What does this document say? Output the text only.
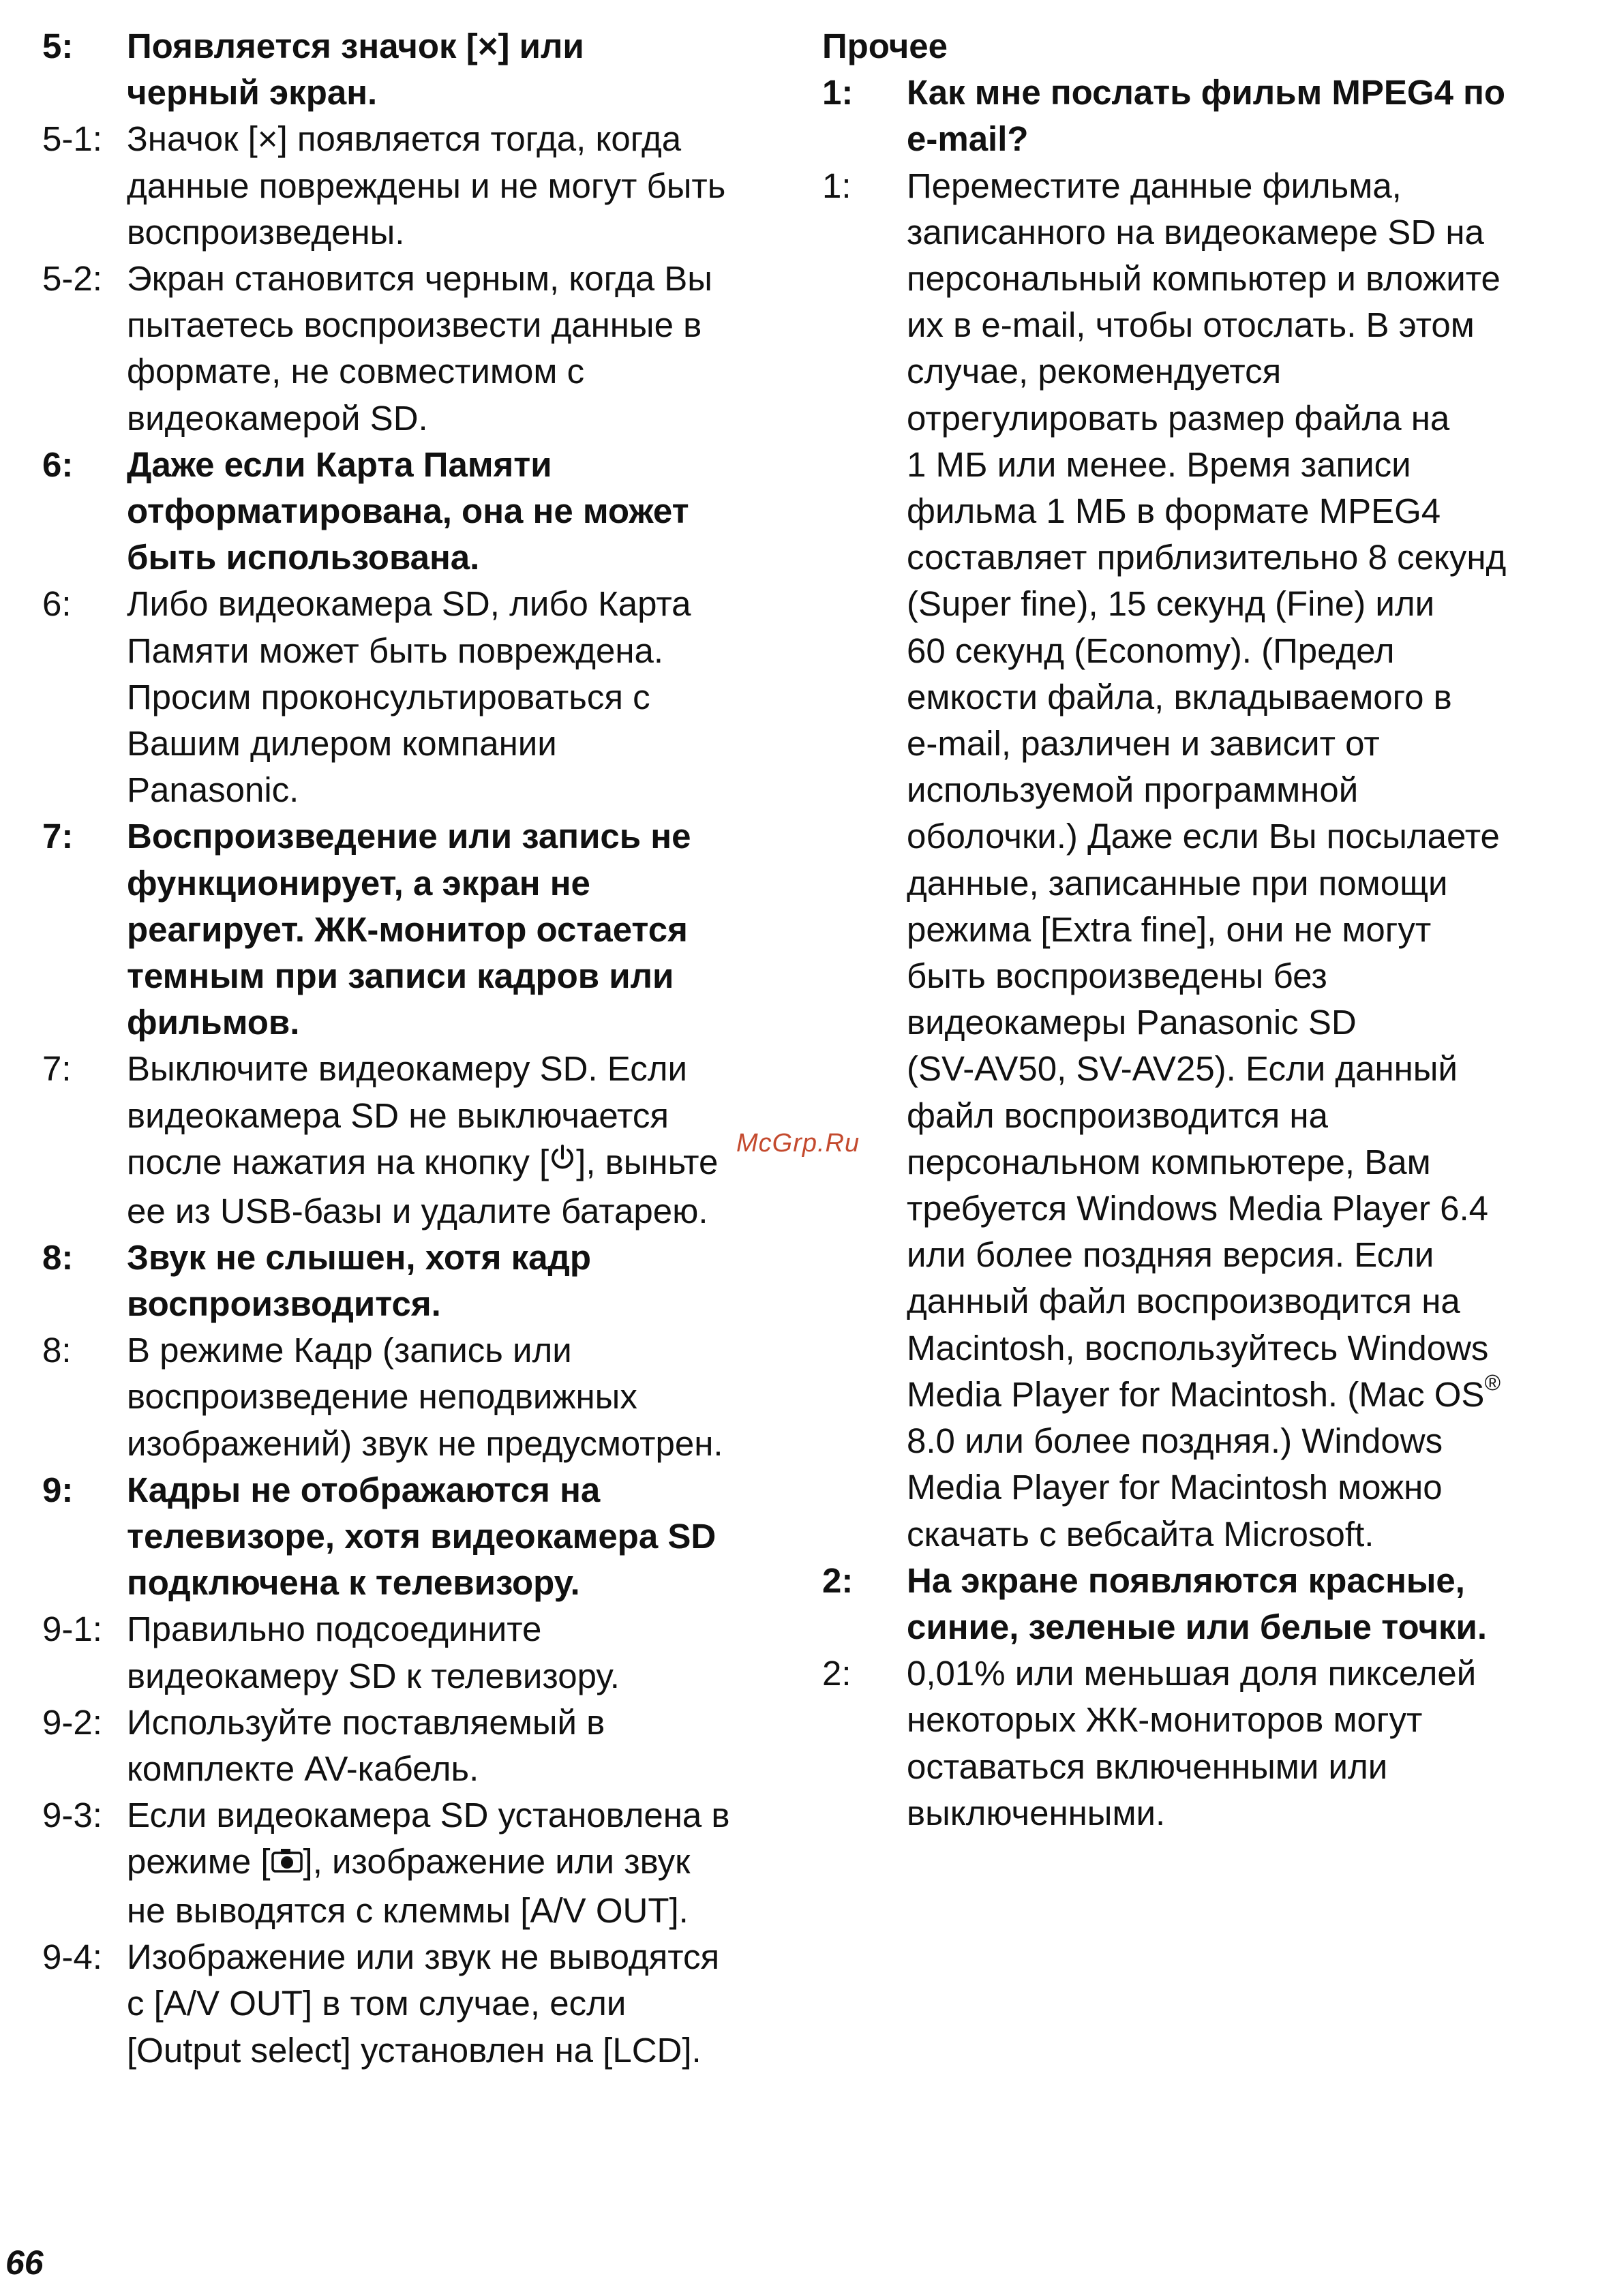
5:	Появляется значок [×] или
черный экран.
5-1: Значок [×] появляется тогда, когда
данные повреждены и не могут быть
воспроизведены.
5-2: Экран становится черным, когда Вы
пытаетесь воспроизвести данные в
формате, не совместимом с
видеокамерой SD.
6:	Даже если Карта Памяти
отформатирована, она не может
быть использована.
6:	Либо видеокамера SD, либо Карта
Памяти может быть повреждена.
Просим проконсультироваться с
Вашим дилером компании
Panasonic.
7:	Воспроизведение или запись не
функционирует, а экран не
реагирует. ЖК-монитор остается
темным при записи кадров или
фильмов.
7:	Выключите видеокамеру SD. Если
видеокамера SD не выключается
после нажатия на кнопку [ ], выньте
ее из USB-базы и удалите батарею.
8:	Звук не слышен, хотя кадр
воспроизводится.
8:	В режиме Кадр (запись или
воспроизведение неподвижных
изображений) звук не предусмотрен.
9:	Кадры не отображаются на
телевизоре, хотя видеокамера SD
подключена к телевизору.
9-1: Правильно подсоедините
видеокамеру SD к телевизору.
9-2: Используйте поставляемый в
комплекте AV-кабель.
9-3: Если видеокамера SD установлена в
режиме [ ], изображение или звук
не выводятся с клеммы [A/V OUT].
9-4: Изображение или звук не выводятся
с [A/V OUT] в том случае, если
[Output select] установлен на [LCD].
Прочее
1:	Как мне послать фильм MPEG4 по
e-mail?
1:	Переместите данные фильма,
записанного на видеокамере SD на
персональный компьютер и вложите
их в e-mail, чтобы отослать. В этом
случае, рекомендуется
отрегулировать размер файла на
1 МБ или менее. Время записи
фильма 1 МБ в формате MPEG4
составляет приблизительно 8 секунд
(Super fine), 15 секунд (Fine) или
60 секунд (Economy). (Предел
емкости файла, вкладываемого в
e-mail, различен и зависит от
используемой программной
оболочки.) Даже если Вы посылаете
данные, записанные при помощи
режима [Extra fine], они не могут
быть воспроизведены без
видеокамеры Panasonic SD
(SV-AV50, SV-AV25). Если данный
файл воспроизводится на
персональном компьютере, Вам
требуется Windows Media Player 6.4
или более поздняя версия. Если
данный файл воспроизводится на
Macintosh, воспользуйтесь Windows
Media Player for Macintosh. (Mac OS®
8.0 или более поздняя.) Windows
Media Player for Macintosh можно
скачать с вебсайта Microsoft.
2:	На экране появляются красные,
синие, зеленые или белые точки.
2:	0,01% или меньшая доля пикселей
некоторых ЖК-мониторов могут
оставаться включенными или
выключенными.
McGrp.Ru
66
